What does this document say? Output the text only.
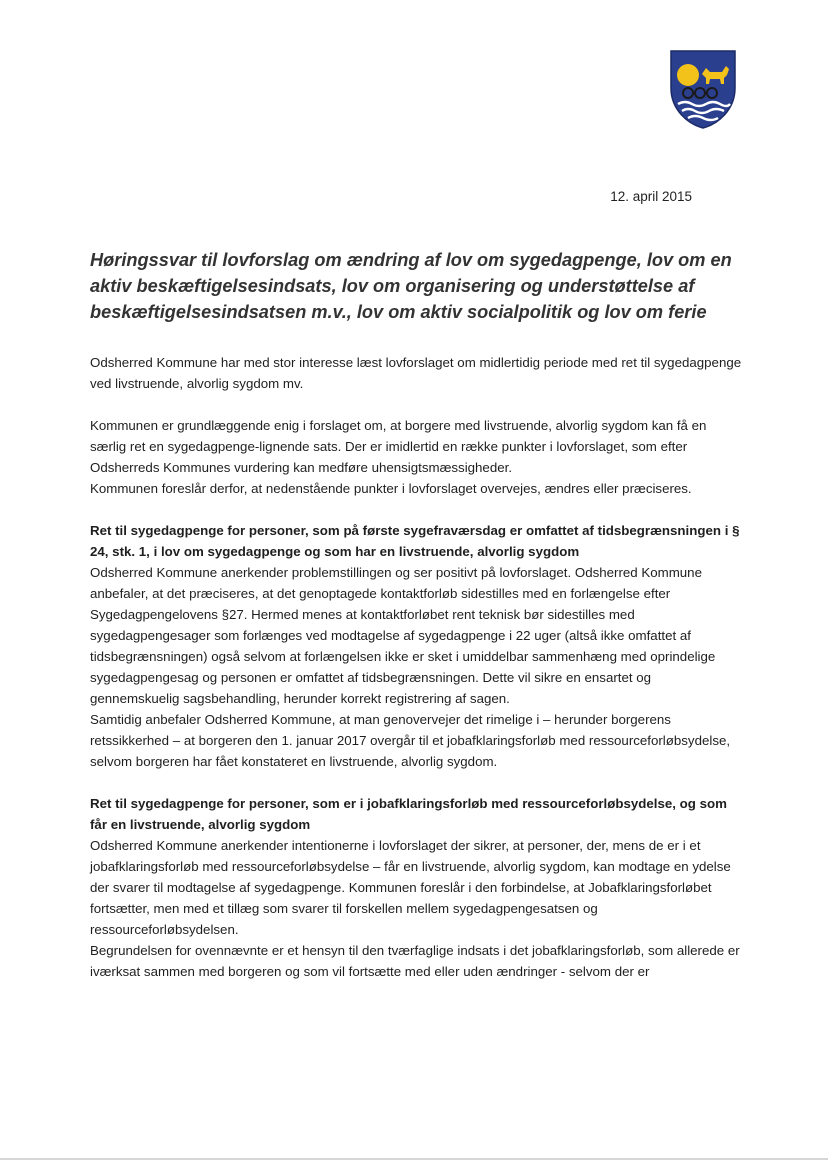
12. april 2015
Høringssvar til lovforslag om ændring af lov om sygedagpenge, lov om en aktiv beskæftigelsesindsats, lov om organisering og understøttelse af beskæftigelsesindsatsen m.v., lov om aktiv socialpolitik og lov om ferie

Odsherred Kommune har med stor interesse læst lovforslaget om midlertidig periode med ret til sygedagpenge ved livstruende, alvorlig sygdom mv.

Kommunen er grundlæggende enig i forslaget om, at borgere med livstruende, alvorlig sygdom kan få en særlig ret en sygedagpenge-lignende sats. Der er imidlertid en række punkter i lovforslaget, som efter Odsherreds Kommunes vurdering kan medføre uhensigtsmæssigheder.

Kommunen foreslår derfor, at nedenstående punkter i lovforslaget overvejes, ændres eller præciseres.

Ret til sygedagpenge for personer, som på første sygefraværsdag er omfattet af tidsbegrænsningen i § 24, stk. 1, i lov om sygedagpenge og som har en livstruende, alvorlig sygdom

Odsherred Kommune anerkender problemstillingen og ser positivt på lovforslaget. Odsherred Kommune anbefaler, at det præciseres, at det genoptagede kontaktforløb sidestilles med en forlængelse efter Sygedagpengelovens §27. Hermed menes at kontaktforløbet rent teknisk bør sidestilles med sygedagpengesager som forlænges ved modtagelse af sygedagpenge i 22 uger (altså ikke omfattet af tidsbegrænsningen) også selvom at forlængelsen ikke er sket i umiddelbar sammenhæng med oprindelige sygedagpengesag og personen er omfattet af tidsbegrænsningen. Dette vil sikre en ensartet og gennemskuelig sagsbehandling, herunder korrekt registrering af sagen.

Samtidig anbefaler Odsherred Kommune, at man genovervejer det rimelige i – herunder borgerens retssikkerhed – at borgeren den 1. januar 2017 overgår til et jobafklaringsforløb med ressourceforløbsydelse, selvom borgeren har fået konstateret en livstruende, alvorlig sygdom.

Ret til sygedagpenge for personer, som er i jobafklaringsforløb med ressourceforløbsydelse, og som får en livstruende, alvorlig sygdom

Odsherred Kommune anerkender intentionerne i lovforslaget der sikrer, at personer, der, mens de er i et jobafklaringsforløb med ressourceforløbsydelse – får en livstruende, alvorlig sygdom, kan modtage en ydelse der svarer til modtagelse af sygedagpenge. Kommunen foreslår i den forbindelse, at Jobafklaringsforløbet fortsætter, men med et tillæg som svarer til forskellen mellem sygedagpengesatsen og ressourceforløbsydelsen.

Begrundelsen for ovennævnte er et hensyn til den tværfaglige indsats i det jobafklaringsforløb, som allerede er iværksat sammen med borgeren og som vil fortsætte med eller uden ændringer - selvom der er
